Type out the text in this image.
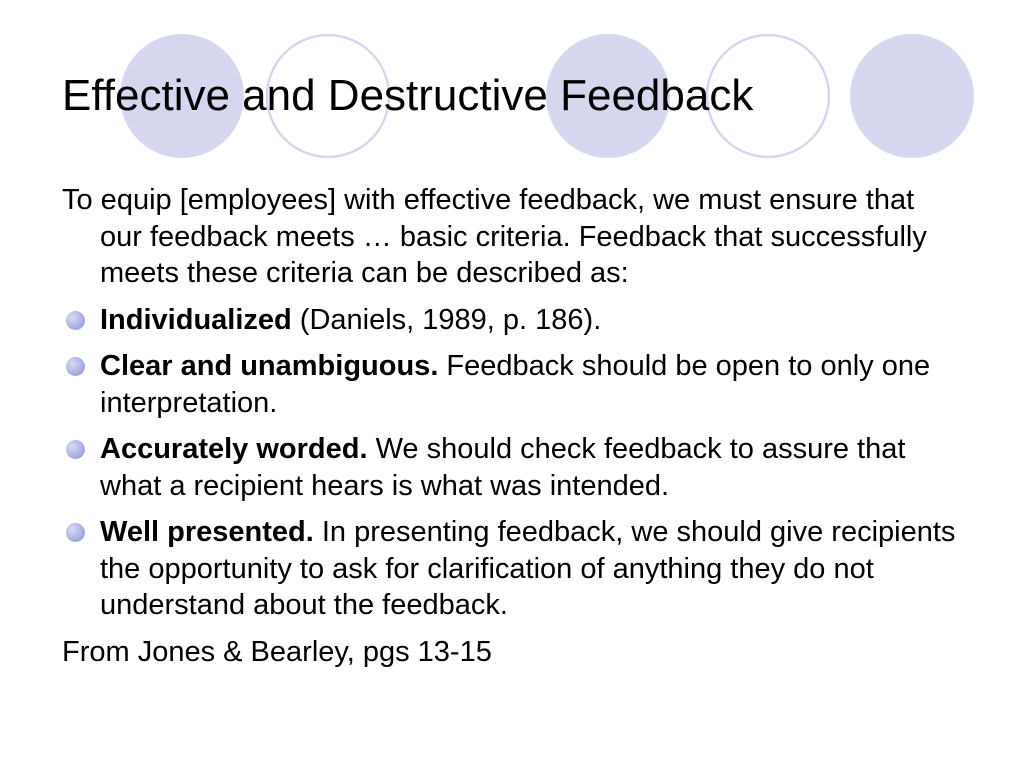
Effective and Destructive Feedback

To equip [employees] with effective feedback, we must ensure that our feedback meets … basic criteria. Feedback that successfully meets these criteria can be described as:

Individualized (Daniels, 1989, p. 186).
Clear and unambiguous. Feedback should be open to only one interpretation.
Accurately worded. We should check feedback to assure that what a recipient hears is what was intended.
Well presented. In presenting feedback, we should give recipients the opportunity to ask for clarification of anything they do not understand about the feedback.

From Jones & Bearley, pgs 13-15
